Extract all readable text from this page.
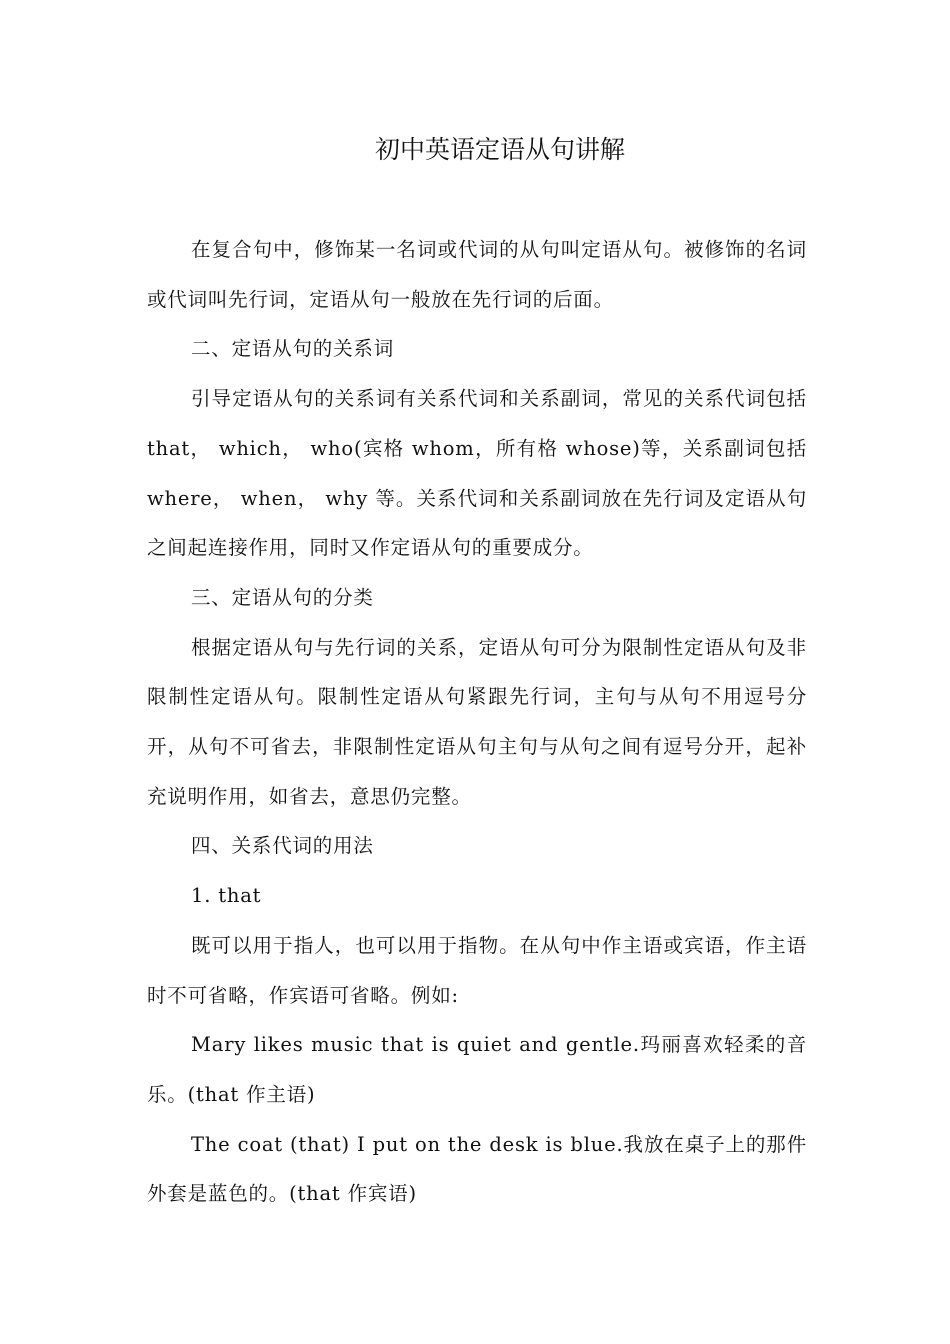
初中英语定语从句讲解

在复合句中，修饰某一名词或代词的从句叫定语从句。被修饰的名词或代词叫先行词，定语从句一般放在先行词的后面。

二、定语从句的关系词

引导定语从句的关系词有关系代词和关系副词，常见的关系代词包括 that， which， who(宾格 whom，所有格 whose)等，关系副词包括 where， when， why 等。关系代词和关系副词放在先行词及定语从句之间起连接作用，同时又作定语从句的重要成分。

三、定语从句的分类

根据定语从句与先行词的关系，定语从句可分为限制性定语从句及非限制性定语从句。限制性定语从句紧跟先行词，主句与从句不用逗号分开，从句不可省去，非限制性定语从句主句与从句之间有逗号分开，起补充说明作用，如省去，意思仍完整。

四、关系代词的用法

1. that

既可以用于指人，也可以用于指物。在从句中作主语或宾语，作主语时不可省略，作宾语可省略。例如:

Mary likes music that is quiet and gentle.玛丽喜欢轻柔的音乐。(that 作主语)

The coat (that) I put on the desk is blue.我放在桌子上的那件外套是蓝色的。(that 作宾语)
